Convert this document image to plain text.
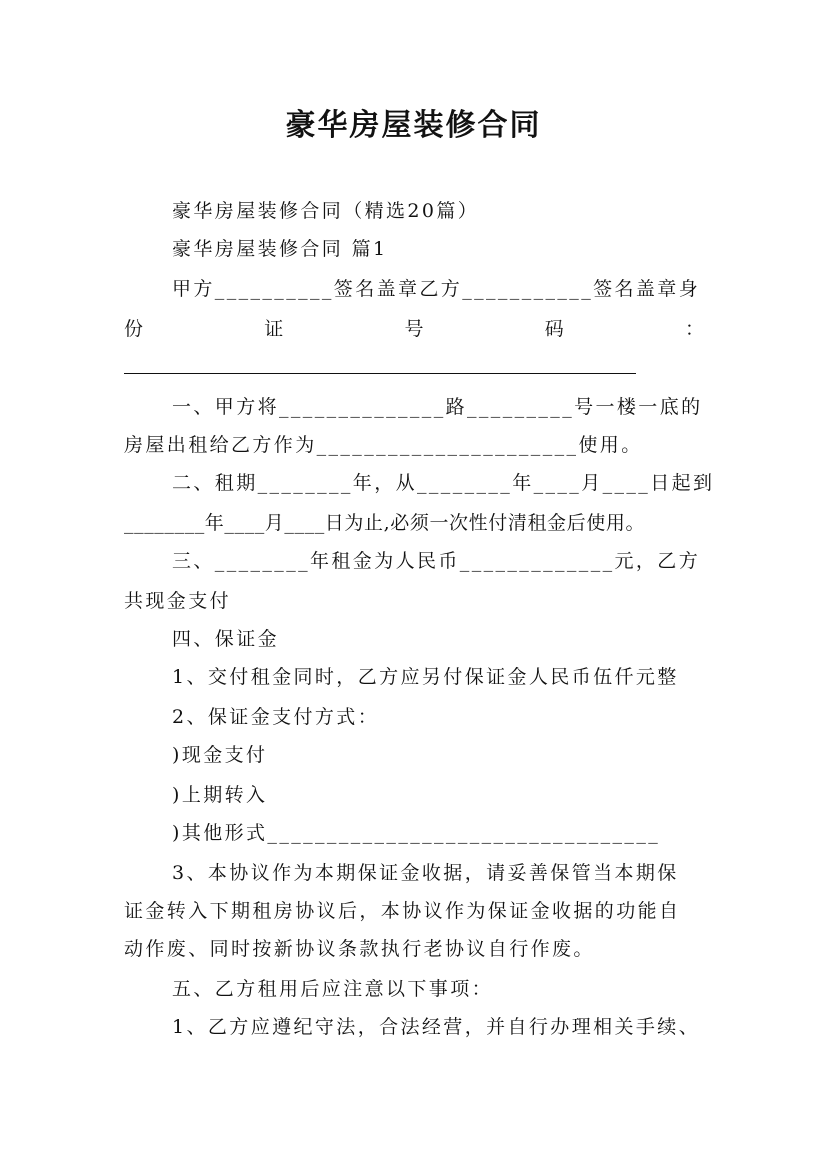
豪华房屋装修合同
豪华房屋装修合同（精选20篇）
豪华房屋装修合同 篇1
甲方__________签名盖章乙方___________签名盖章身
份	证	号	码	：
一、甲方将______________路_________号一楼一底的
房屋出租给乙方作为______________________使用。
二、租期________年，从________年____月____日起到
________年____月____日为止,必须一次性付清租金后使用。
三、________年租金为人民币_____________元，乙方
共现金支付
四、保证金
1、交付租金同时，乙方应另付保证金人民币伍仟元整
2、保证金支付方式：
)现金支付
)上期转入
)其他形式_________________________________
3、本协议作为本期保证金收据，请妥善保管当本期保
证金转入下期租房协议后，本协议作为保证金收据的功能自
动作废、同时按新协议条款执行老协议自行作废。
五、乙方租用后应注意以下事项：
1、乙方应遵纪守法，合法经营，并自行办理相关手续、
